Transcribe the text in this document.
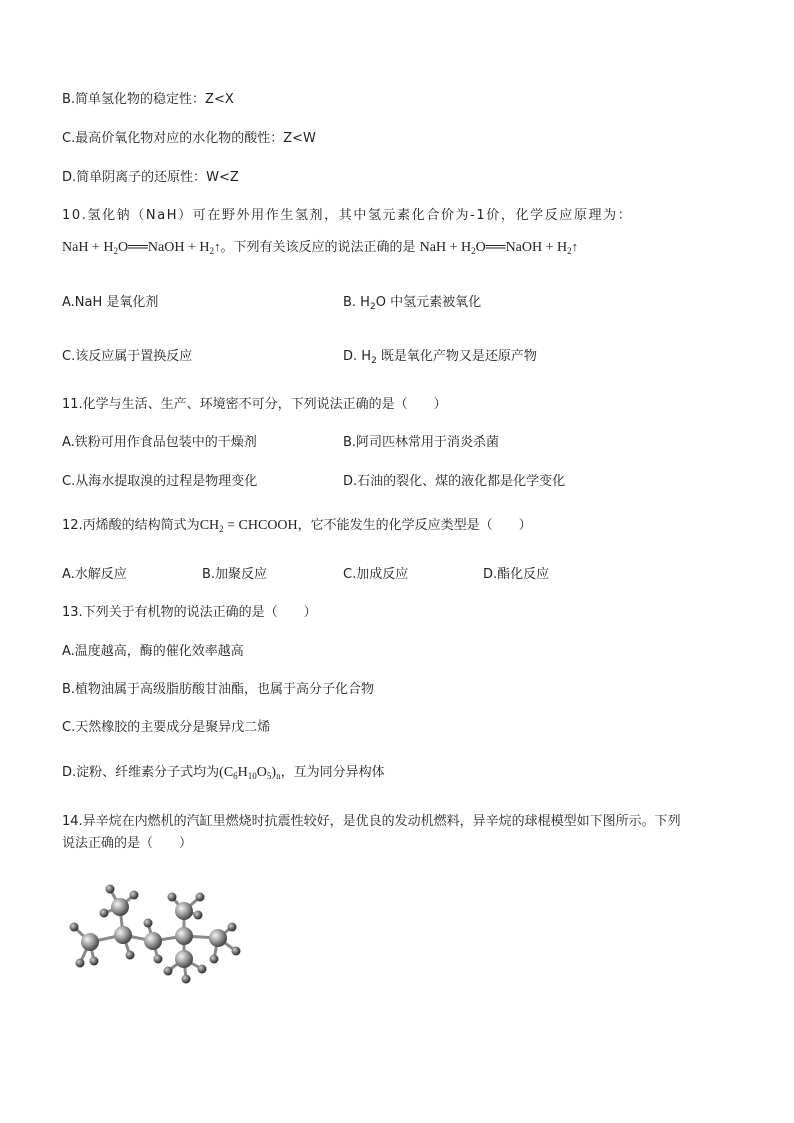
B.简单氢化物的稳定性：Z<X
C.最高价氧化物对应的水化物的酸性：Z<W
D.简单阴离子的还原性：W<Z
10.氢化钠（NaH）可在野外用作生氢剂，其中氢元素化合价为-1价，化学反应原理为：
NaH + $H_2O══NaOH$ + $H_2↑$。下列有关该反应的说法正确的是 NaH + $H_2O══NaOH$ + $H_2↑$
A.NaH 是氧化剂	B. $H_2O$ 中氢元素被氧化
C.该反应属于置换反应	D. $H_2$ 既是氧化产物又是还原产物
11.化学与生活、生产、环境密不可分，下列说法正确的是（　　）
A.铁粉可用作食品包装中的干燥剂	B.阿司匹林常用于消炎杀菌
C.从海水提取溴的过程是物理变化	D.石油的裂化、煤的液化都是化学变化
12.丙烯酸的结构简式为$CH_2$ = CHCOOH，它不能发生的化学反应类型是（　　）
A.水解反应	B.加聚反应	C.加成反应	D.酯化反应
13.下列关于有机物的说法正确的是（　　）
A.温度越高，酶的催化效率越高
B.植物油属于高级脂肪酸甘油酯，也属于高分子化合物
C.天然橡胶的主要成分是聚异戊二烯
D.淀粉、纤维素分子式均为$(C_6H_{10}O_5)_n$，互为同分异构体
14.异辛烷在内燃机的汽缸里燃烧时抗震性较好，是优良的发动机燃料，异辛烷的球棍模型如下图所示。下列
说法正确的是（　　）
